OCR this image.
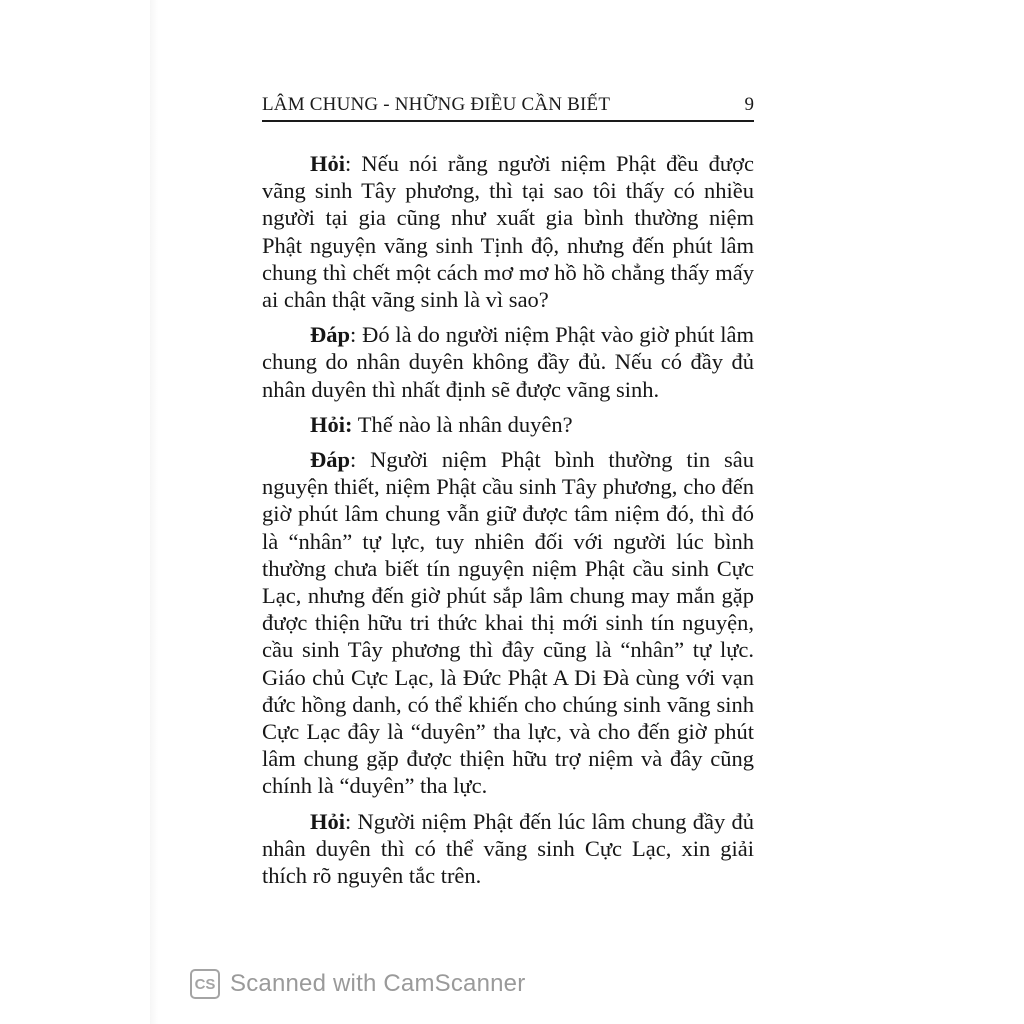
LÂM CHUNG - NHỮNG ĐIỀU CẦN BIẾT	9

Hỏi: Nếu nói rằng người niệm Phật đều được vãng sinh Tây phương, thì tại sao tôi thấy có nhiều người tại gia cũng như xuất gia bình thường niệm Phật nguyện vãng sinh Tịnh độ, nhưng đến phút lâm chung thì chết một cách mơ mơ hồ hồ chẳng thấy mấy ai chân thật vãng sinh là vì sao?

Đáp: Đó là do người niệm Phật vào giờ phút lâm chung do nhân duyên không đầy đủ. Nếu có đầy đủ nhân duyên thì nhất định sẽ được vãng sinh.

Hỏi: Thế nào là nhân duyên?

Đáp: Người niệm Phật bình thường tin sâu nguyện thiết, niệm Phật cầu sinh Tây phương, cho đến giờ phút lâm chung vẫn giữ được tâm niệm đó, thì đó là “nhân” tự lực, tuy nhiên đối với người lúc bình thường chưa biết tín nguyện niệm Phật cầu sinh Cực Lạc, nhưng đến giờ phút sắp lâm chung may mắn gặp được thiện hữu tri thức khai thị mới sinh tín nguyện, cầu sinh Tây phương thì đây cũng là “nhân” tự lực. Giáo chủ Cực Lạc, là Đức Phật A Di Đà cùng với vạn đức hồng danh, có thể khiến cho chúng sinh vãng sinh Cực Lạc đây là “duyên” tha lực, và cho đến giờ phút lâm chung gặp được thiện hữu trợ niệm và đây cũng chính là “duyên” tha lực.

Hỏi: Người niệm Phật đến lúc lâm chung đầy đủ nhân duyên thì có thể vãng sinh Cực Lạc, xin giải thích rõ nguyên tắc trên.

CS Scanned with CamScanner
